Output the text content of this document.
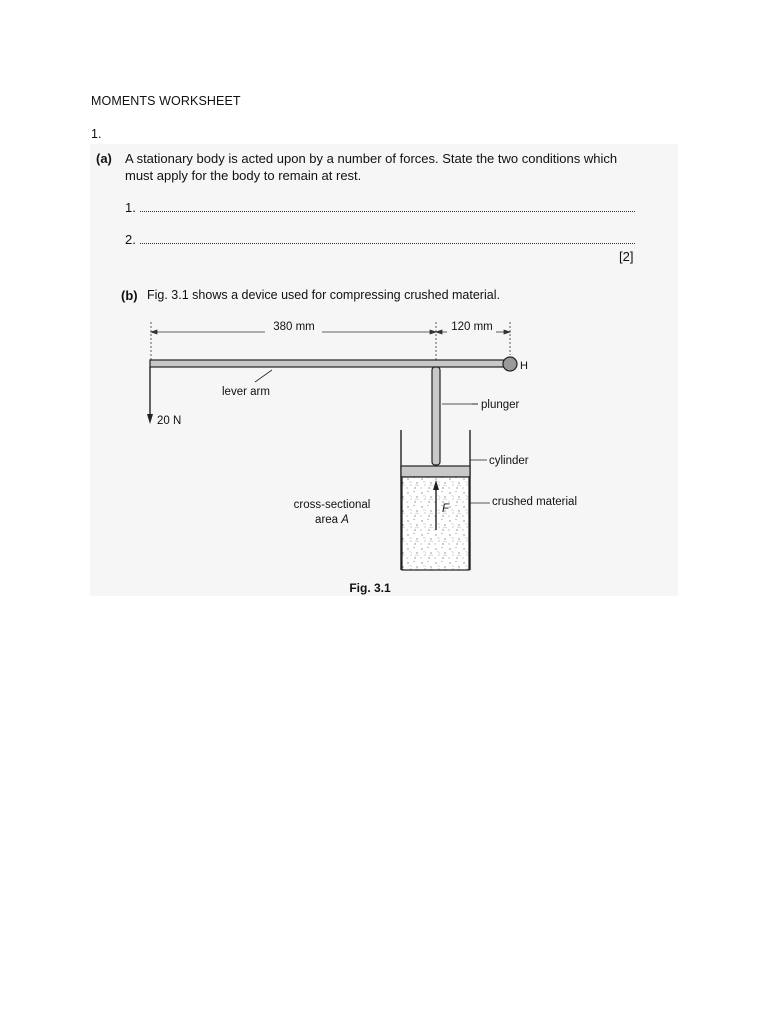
MOMENTS WORKSHEET
1.
(a) A stationary body is acted upon by a number of forces. State the two conditions which
must apply for the body to remain at rest.
1.
2.
[2]
(b) Fig. 3.1 shows a device used for compressing crushed material.
380 mm	120 mm
H
lever arm
20 N
plunger
cylinder
crushed material
F
cross-sectional
area A
Fig. 3.1
